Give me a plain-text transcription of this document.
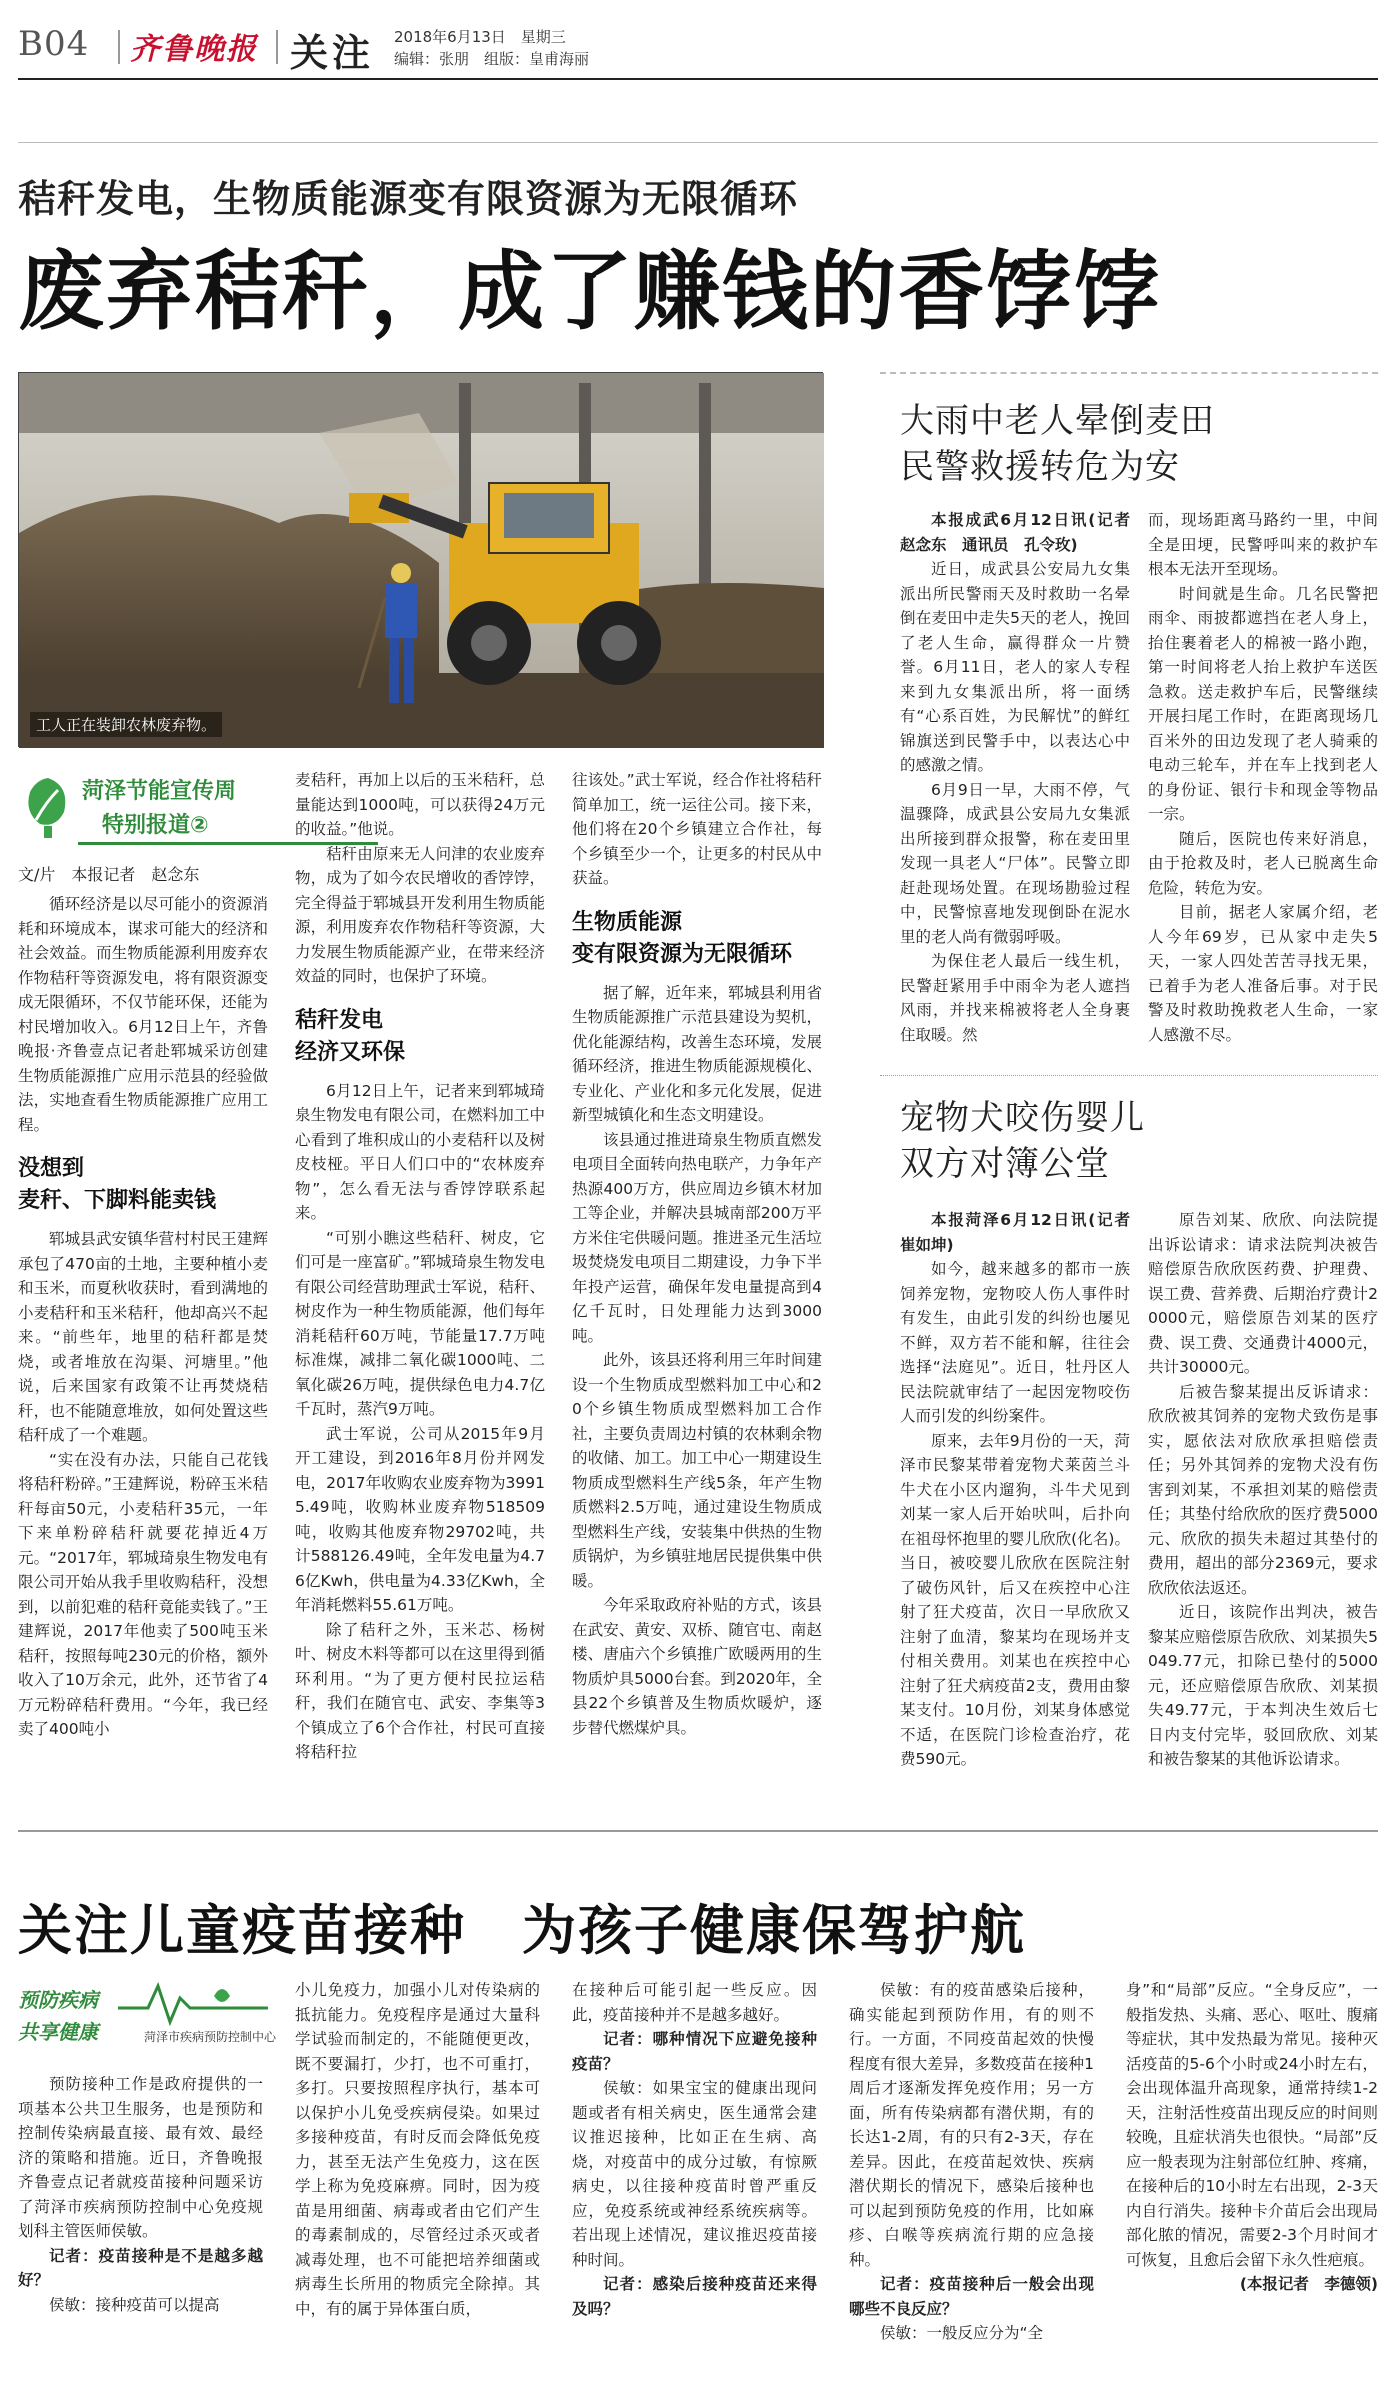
B04 齐鲁晚报 关注 2018年6月13日　星期三
编辑：张朋　组版：皇甫海丽
秸秆发电，生物质能源变有限资源为无限循环
废弃秸秆，成了赚钱的香饽饽
工人正在装卸农林废弃物。
菏泽节能宣传周
特别报道②
文/片　本报记者　赵念东

循环经济是以尽可能小的资源消耗和环境成本，谋求可能大的经济和社会效益。而生物质能源利用废弃农作物秸秆等资源发电，将有限资源变成无限循环，不仅节能环保，还能为村民增加收入。6月12日上午，齐鲁晚报·齐鲁壹点记者赴郓城采访创建生物质能源推广应用示范县的经验做法，实地查看生物质能源推广应用工程。

没想到
麦秆、下脚料能卖钱

郓城县武安镇华营村村民王建辉承包了470亩的土地，主要种植小麦和玉米，而夏秋收获时，看到满地的小麦秸秆和玉米秸秆，他却高兴不起来。“前些年，地里的秸秆都是焚烧，或者堆放在沟渠、河塘里。”他说，后来国家有政策不让再焚烧秸秆，也不能随意堆放，如何处置这些秸秆成了一个难题。

“实在没有办法，只能自己花钱将秸秆粉碎。”王建辉说，粉碎玉米秸秆每亩50元，小麦秸秆35元，一年下来单粉碎秸秆就要花掉近4万元。“2017年，郓城琦泉生物发电有限公司开始从我手里收购秸秆，没想到，以前犯难的秸秆竟能卖钱了。”王建辉说，2017年他卖了500吨玉米秸秆，按照每吨230元的价格，额外收入了10万余元，此外，还节省了4万元粉碎秸秆费用。“今年，我已经卖了400吨小

麦秸秆，再加上以后的玉米秸秆，总量能达到1000吨，可以获得24万元的收益。”他说。

秸秆由原来无人问津的农业废弃物，成为了如今农民增收的香饽饽，完全得益于郓城县开发利用生物质能源，利用废弃农作物秸秆等资源，大力发展生物质能源产业，在带来经济效益的同时，也保护了环境。

秸秆发电
经济又环保

6月12日上午，记者来到郓城琦泉生物发电有限公司，在燃料加工中心看到了堆积成山的小麦秸秆以及树皮枝桠。平日人们口中的“农林废弃物”，怎么看无法与香饽饽联系起来。

“可别小瞧这些秸秆、树皮，它们可是一座富矿。”郓城琦泉生物发电有限公司经营助理武士军说，秸秆、树皮作为一种生物质能源，他们每年消耗秸秆60万吨，节能量17.7万吨标准煤，减排二氧化碳1000吨、二氧化碳26万吨，提供绿色电力4.7亿千瓦时，蒸汽9万吨。

武士军说，公司从2015年9月开工建设，到2016年8月份并网发电，2017年收购农业废弃物为39915.49吨，收购林业废弃物518509吨，收购其他废弃物29702吨，共计588126.49吨，全年发电量为4.76亿Kwh，供电量为4.33亿Kwh，全年消耗燃料55.61万吨。

除了秸秆之外，玉米芯、杨树叶、树皮木料等都可以在这里得到循环利用。“为了更方便村民拉运秸秆，我们在随官屯、武安、李集等3个镇成立了6个合作社，村民可直接将秸秆拉

往该处。”武士军说，经合作社将秸秆简单加工，统一运往公司。接下来，他们将在20个乡镇建立合作社，每个乡镇至少一个，让更多的村民从中获益。

生物质能源
变有限资源为无限循环

据了解，近年来，郓城县利用省生物质能源推广示范县建设为契机，优化能源结构，改善生态环境，发展循环经济，推进生物质能源规模化、专业化、产业化和多元化发展，促进新型城镇化和生态文明建设。

该县通过推进琦泉生物质直燃发电项目全面转向热电联产，力争年产热源400万方，供应周边乡镇木材加工等企业，并解决县城南部200万平方米住宅供暖问题。推进圣元生活垃圾焚烧发电项目二期建设，力争下半年投产运营，确保年发电量提高到4亿千瓦时，日处理能力达到3000吨。

此外，该县还将利用三年时间建设一个生物质成型燃料加工中心和20个乡镇生物质成型燃料加工合作社，主要负责周边村镇的农林剩余物的收储、加工。加工中心一期建设生物质成型燃料生产线5条，年产生物质燃料2.5万吨，通过建设生物质成型燃料生产线，安装集中供热的生物质锅炉，为乡镇驻地居民提供集中供暖。

今年采取政府补贴的方式，该县在武安、黄安、双桥、随官屯、南赵楼、唐庙六个乡镇推广欧暖两用的生物质炉具5000台套。到2020年，全县22个乡镇普及生物质炊暖炉，逐步替代燃煤炉具。

大雨中老人晕倒麦田
民警救援转危为安

本报成武6月12日讯(记者　赵念东　通讯员　孔令玫)

近日，成武县公安局九女集派出所民警雨天及时救助一名晕倒在麦田中走失5天的老人，挽回了老人生命，赢得群众一片赞誉。6月11日，老人的家人专程来到九女集派出所，将一面绣有“心系百姓，为民解忧”的鲜红锦旗送到民警手中，以表达心中的感激之情。

6月9日一早，大雨不停，气温骤降，成武县公安局九女集派出所接到群众报警，称在麦田里发现一具老人“尸体”。民警立即赶赴现场处置。在现场勘验过程中，民警惊喜地发现倒卧在泥水里的老人尚有微弱呼吸。

为保住老人最后一线生机，民警赶紧用手中雨伞为老人遮挡风雨，并找来棉被将老人全身裹住取暖。然

而，现场距离马路约一里，中间全是田埂，民警呼叫来的救护车根本无法开至现场。

时间就是生命。几名民警把雨伞、雨披都遮挡在老人身上，抬住裹着老人的棉被一路小跑，第一时间将老人抬上救护车送医急救。送走救护车后，民警继续开展扫尾工作时，在距离现场几百米外的田边发现了老人骑乘的电动三轮车，并在车上找到老人的身份证、银行卡和现金等物品一宗。

随后，医院也传来好消息，由于抢救及时，老人已脱离生命危险，转危为安。

目前，据老人家属介绍，老人今年69岁，已从家中走失5天，一家人四处苦苦寻找无果，已着手为老人准备后事。对于民警及时救助挽救老人生命，一家人感激不尽。

宠物犬咬伤婴儿
双方对簿公堂

本报菏泽6月12日讯(记者　崔如坤)

如今，越来越多的都市一族饲养宠物，宠物咬人伤人事件时有发生，由此引发的纠纷也屡见不鲜，双方若不能和解，往往会选择“法庭见”。近日，牡丹区人民法院就审结了一起因宠物咬伤人而引发的纠纷案件。

原来，去年9月份的一天，菏泽市民黎某带着宠物犬莱茵兰斗牛犬在小区内遛狗，斗牛犬见到刘某一家人后开始吠叫，后扑向在祖母怀抱里的婴儿欣欣(化名)。当日，被咬婴儿欣欣在医院注射了破伤风针，后又在疾控中心注射了狂犬疫苗，次日一早欣欣又注射了血清，黎某均在现场并支付相关费用。刘某也在疾控中心注射了狂犬病疫苗2支，费用由黎某支付。10月份，刘某身体感觉不适，在医院门诊检查治疗，花费590元。

原告刘某、欣欣、向法院提出诉讼请求：请求法院判决被告赔偿原告欣欣医药费、护理费、误工费、营养费、后期治疗费计20000元，赔偿原告刘某的医疗费、误工费、交通费计4000元，共计30000元。

后被告黎某提出反诉请求：欣欣被其饲养的宠物犬致伤是事实，愿依法对欣欣承担赔偿责任；另外其饲养的宠物犬没有伤害到刘某，不承担刘某的赔偿责任；其垫付给欣欣的医疗费5000元、欣欣的损失未超过其垫付的费用，超出的部分2369元，要求欣欣依法返还。

近日，该院作出判决，被告黎某应赔偿原告欣欣、刘某损失5049.77元，扣除已垫付的5000元，还应赔偿原告欣欣、刘某损失49.77元，于本判决生效后七日内支付完毕，驳回欣欣、刘某和被告黎某的其他诉讼请求。

关注儿童疫苗接种　为孩子健康保驾护航
预防疾病
共享健康	菏泽市疾病预防控制中心

预防接种工作是政府提供的一项基本公共卫生服务，也是预防和控制传染病最直接、最有效、最经济的策略和措施。近日，齐鲁晚报齐鲁壹点记者就疫苗接种问题采访了菏泽市疾病预防控制中心免疫规划科主管医师侯敏。

记者：疫苗接种是不是越多越好？

侯敏：接种疫苗可以提高

小儿免疫力，加强小儿对传染病的抵抗能力。免疫程序是通过大量科学试验而制定的，不能随便更改，既不要漏打，少打，也不可重打，多打。只要按照程序执行，基本可以保护小儿免受疾病侵染。如果过多接种疫苗，有时反而会降低免疫力，甚至无法产生免疫力，这在医学上称为免疫麻痹。同时，因为疫苗是用细菌、病毒或者由它们产生的毒素制成的，尽管经过杀灭或者减毒处理，也不可能把培养细菌或病毒生长所用的物质完全除掉。其中，有的属于异体蛋白质，

在接种后可能引起一些反应。因此，疫苗接种并不是越多越好。

记者：哪种情况下应避免接种疫苗？

侯敏：如果宝宝的健康出现问题或者有相关病史，医生通常会建议推迟接种，比如正在生病、高烧，对疫苗中的成分过敏，有惊厥病史，以往接种疫苗时曾严重反应，免疫系统或神经系统疾病等。若出现上述情况，建议推迟疫苗接种时间。

记者：感染后接种疫苗还来得及吗？

侯敏：有的疫苗感染后接种，确实能起到预防作用，有的则不行。一方面，不同疫苗起效的快慢程度有很大差异，多数疫苗在接种1周后才逐渐发挥免疫作用；另一方面，所有传染病都有潜伏期，有的长达1-2周，有的只有2-3天，存在差异。因此，在疫苗起效快、疾病潜伏期长的情况下，感染后接种也可以起到预防免疫的作用，比如麻疹、白喉等疾病流行期的应急接种。

记者：疫苗接种后一般会出现哪些不良反应？

侯敏：一般反应分为“全

身”和“局部”反应。“全身反应”，一般指发热、头痛、恶心、呕吐、腹痛等症状，其中发热最为常见。接种灭活疫苗的5-6个小时或24小时左右，会出现体温升高现象，通常持续1-2天，注射活性疫苗出现反应的时间则较晚，且症状消失也很快。“局部”反应一般表现为注射部位红肿、疼痛，在接种后的10小时左右出现，2-3天内自行消失。接种卡介苗后会出现局部化脓的情况，需要2-3个月时间才可恢复，且愈后会留下永久性疤痕。

(本报记者　李德领)
